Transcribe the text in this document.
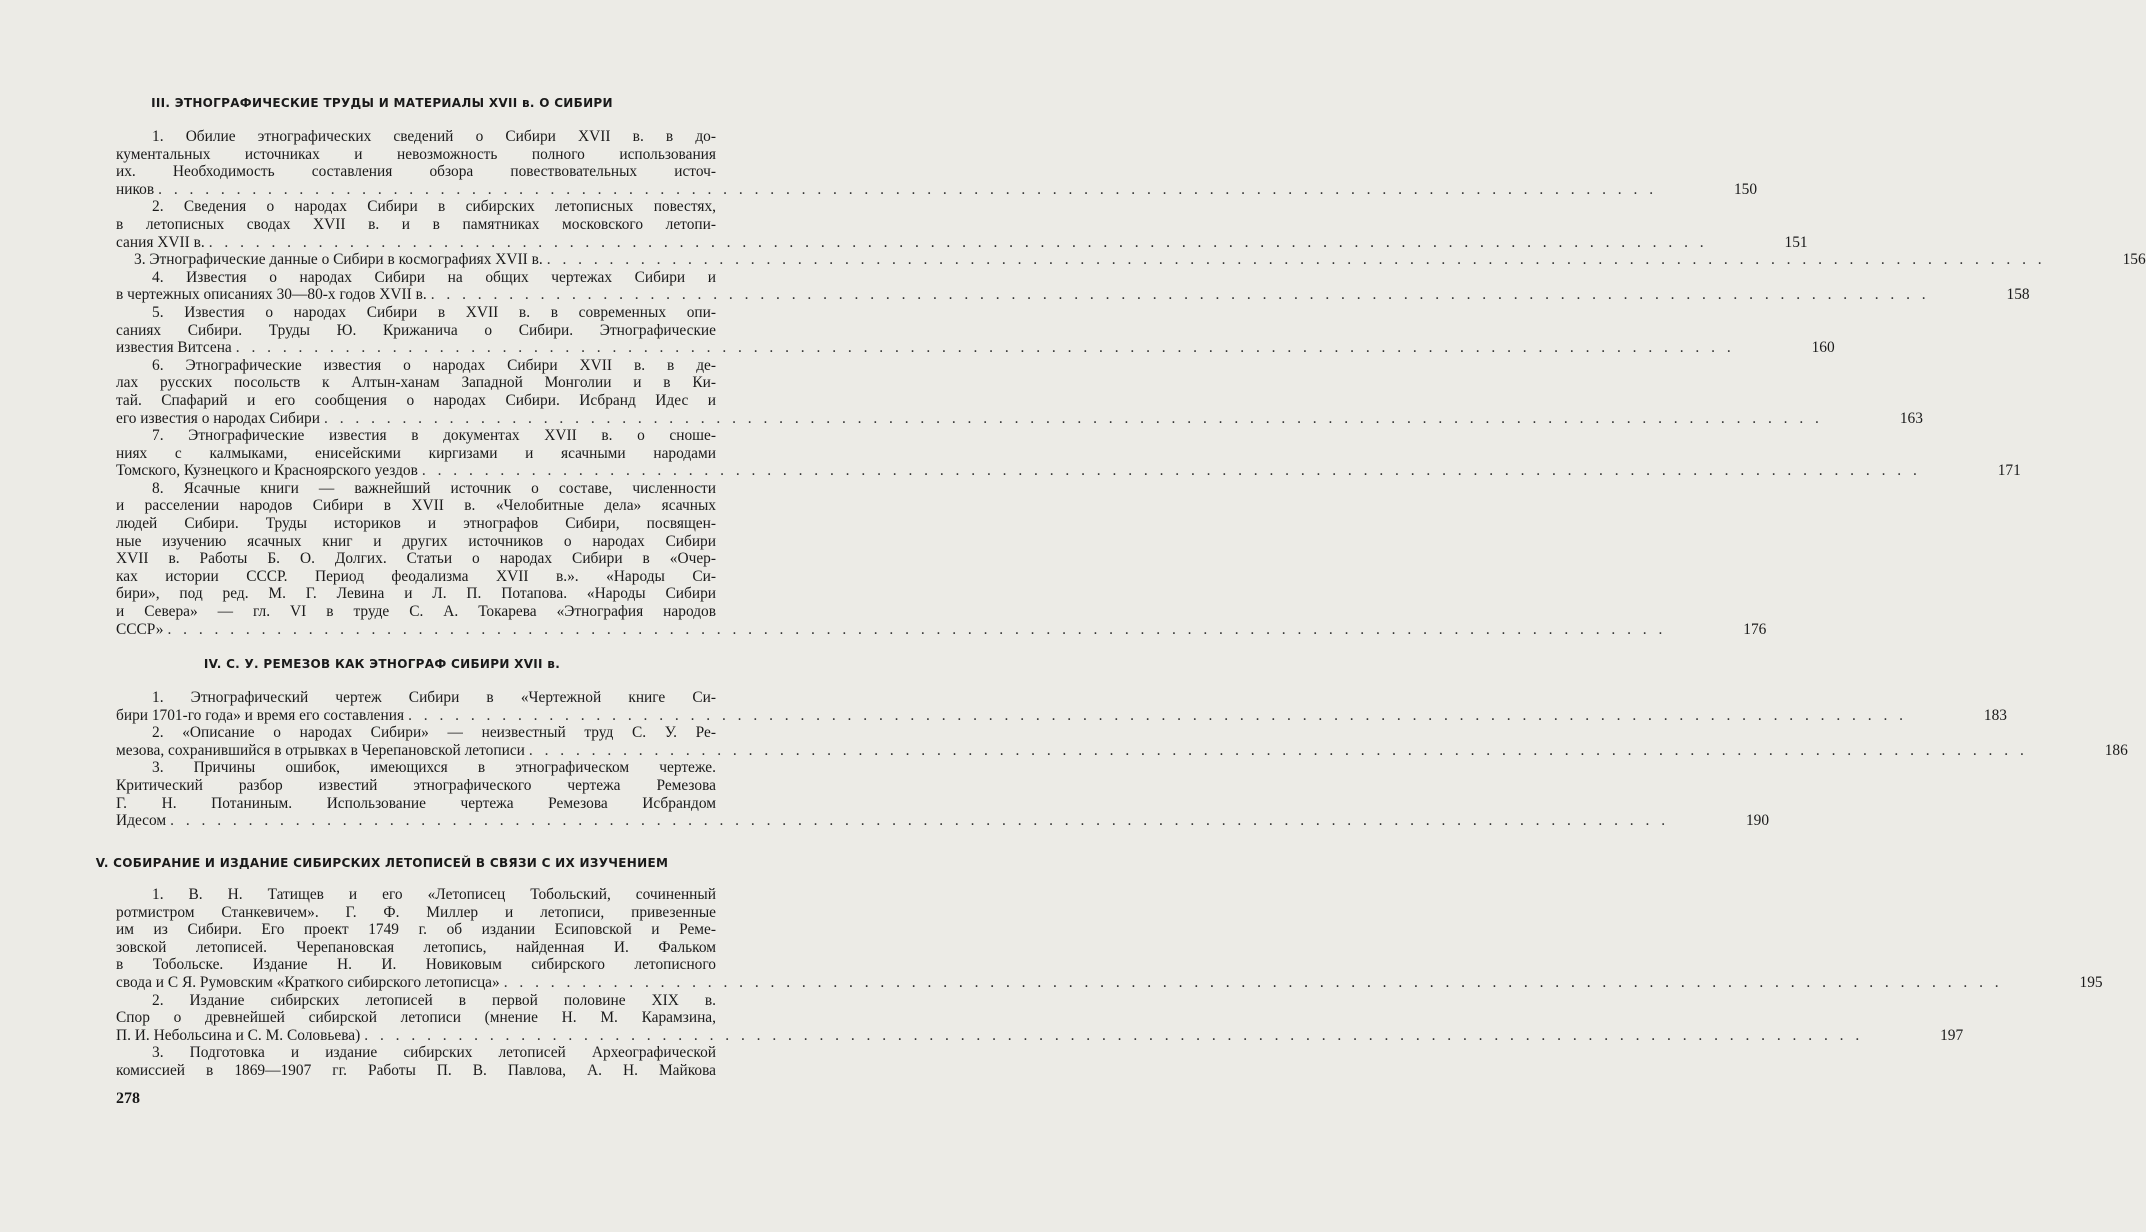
III. ЭТНОГРАФИЧЕСКИЕ ТРУДЫ И МАТЕРИАЛЫ XVII в. О СИБИРИ
1. Обилие этнографических сведений о Сибири XVII в. в до-
кументальных источниках и невозможность полного использования
их. Необходимость составления обзора повествовательных источ-
ников . . .	150
2. Сведения о народах Сибири в сибирских летописных повестях,
в летописных сводах XVII в. и в памятниках московского летопи-
сания XVII в. . . .	151
3. Этнографические данные о Сибири в космографиях XVII в. . . .	156
4. Известия о народах Сибири на общих чертежах Сибири и
в чертежных описаниях 30—80-х годов XVII в. . . .	158
5. Известия о народах Сибири в XVII в. в современных опи-
саниях Сибири. Труды Ю. Крижанича о Сибири. Этнографические
известия Витсена . . .	160
6. Этнографические известия о народах Сибири XVII в. в де-
лах русских посольств к Алтын-ханам Западной Монголии и в Ки-
тай. Спафарий и его сообщения о народах Сибири. Исбранд Идес и
его известия о народах Сибири . . .	163
7. Этнографические известия в документах XVII в. о сноше-
ниях с калмыками, енисейскими киргизами и ясачными народами
Томского, Кузнецкого и Красноярского уездов . . .	171
8. Ясачные книги — важнейший источник о составе, численности
и расселении народов Сибири в XVII в. «Челобитные дела» ясачных
людей Сибири. Труды историков и этнографов Сибири, посвящен-
ные изучению ясачных книг и других источников о народах Сибири
XVII в. Работы Б. О. Долгих. Статьи о народах Сибири в «Очер-
ках истории СССР. Период феодализма XVII в.». «Народы Си-
бири», под ред. М. Г. Левина и Л. П. Потапова. «Народы Сибири
и Севера» — гл. VI в труде С. А. Токарева «Этнография народов
СССР» . . .	176
IV. С. У. РЕМЕЗОВ КАК ЭТНОГРАФ СИБИРИ XVII в.
1. Этнографический чертеж Сибири в «Чертежной книге Си-
бири 1701-го года» и время его составления . . .	183
2. «Описание о народах Сибири» — неизвестный труд С. У. Ре-
мезова, сохранившийся в отрывках в Черепановской летописи . . .	186
3. Причины ошибок, имеющихся в этнографическом чертеже.
Критический разбор известий этнографического чертежа Ремезова
Г. Н. Потаниным. Использование чертежа Ремезова Исбрандом
Идесом . . .	190
V. СОБИРАНИЕ И ИЗДАНИЕ СИБИРСКИХ ЛЕТОПИСЕЙ В СВЯЗИ С ИХ ИЗУЧЕНИЕМ
1. В. Н. Татищев и его «Летописец Тобольский, сочиненный
ротмистром Станкевичем». Г. Ф. Миллер и летописи, привезенные
им из Сибири. Его проект 1749 г. об издании Есиповской и Реме-
зовской летописей. Черепановская летопись, найденная И. Фальком
в Тобольске. Издание Н. И. Новиковым сибирского летописного
свода и С Я. Румовским «Краткого сибирского летописца» . . .	195
2. Издание сибирских летописей в первой половине XIX в.
Спор о древнейшей сибирской летописи (мнение Н. М. Карамзина,
П. И. Небольсина и С. М. Соловьева) . . .	197
3. Подготовка и издание сибирских летописей Археографической
комиссией в 1869—1907 гг. Работы П. В. Павлова, А. Н. Майкова
278
